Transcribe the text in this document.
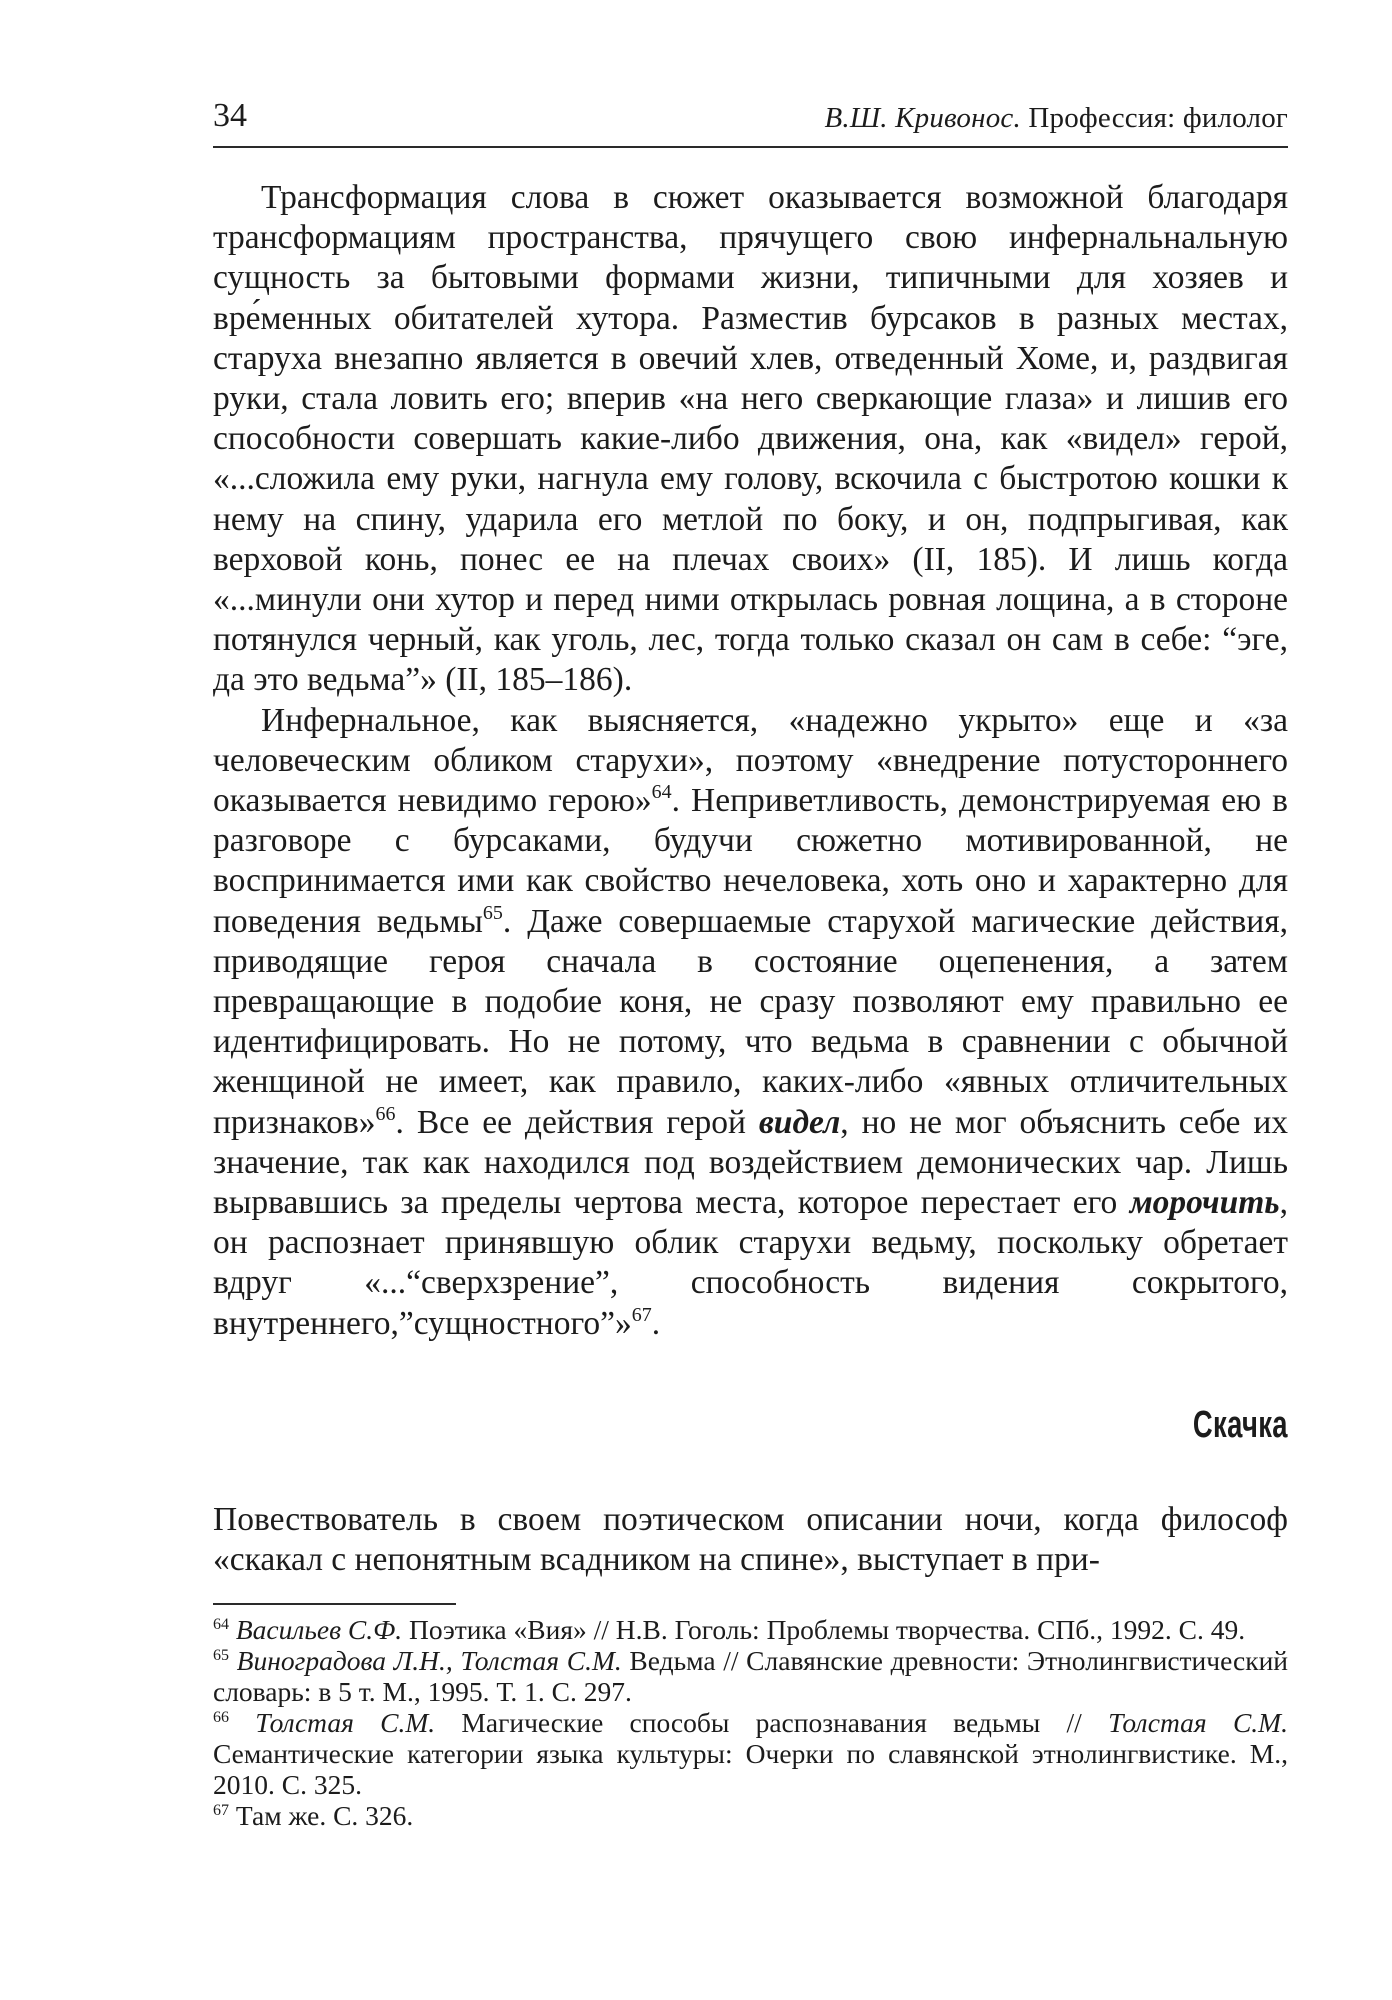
34	В.Ш. Кривонос. Профессия: филолог

Трансформация слова в сюжет оказывается возможной благодаря трансформациям пространства, прячущего свою инфернальнальную сущность за бытовыми формами жизни, типичными для хозяев и вре́менных обитателей хутора. Разместив бурсаков в разных местах, старуха внезапно является в овечий хлев, отведенный Хоме, и, раздвигая руки, стала ловить его; вперив «на него сверкающие глаза» и лишив его способности совершать какие-либо движения, она, как «видел» герой, «...сложила ему руки, нагнула ему голову, вскочила с быстротою кошки к нему на спину, ударила его метлой по боку, и он, подпрыгивая, как верховой конь, понес ее на плечах своих» (II, 185). И лишь когда «...минули они хутор и перед ними открылась ровная лощина, а в стороне потянулся черный, как уголь, лес, тогда только сказал он сам в себе: “эге, да это ведьма”» (II, 185–186).

Инфернальное, как выясняется, «надежно укрыто» еще и «за человеческим обликом старухи», поэтому «внедрение потустороннего оказывается невидимо герою»$^{64}$. Неприветливость, демонстрируемая ею в разговоре с бурсаками, будучи сюжетно мотивированной, не воспринимается ими как свойство нечеловека, хоть оно и характерно для поведения ведьмы$^{65}$. Даже совершаемые старухой магические действия, приводящие героя сначала в состояние оцепенения, а затем превращающие в подобие коня, не сразу позволяют ему правильно ее идентифицировать. Но не потому, что ведьма в сравнении с обычной женщиной не имеет, как правило, каких-либо «явных отличительных признаков»$^{66}$. Все ее действия герой видел, но не мог объяснить себе их значение, так как находился под воздействием демонических чар. Лишь вырвавшись за пределы чертова места, которое перестает его морочить, он распознает принявшую облик старухи ведьму, поскольку обретает вдруг «...“сверхзрение”, способность видения сокрытого, внутреннего,”сущностного”»$^{67}$.

Скачка

Повествователь в своем поэтическом описании ночи, когда философ «скакал с непонятным всадником на спине», выступает в при-

$^{64}$ Васильев С.Ф. Поэтика «Вия» // Н.В. Гоголь: Проблемы творчества. СПб., 1992. С. 49.

$^{65}$ Виноградова Л.Н., Толстая С.М. Ведьма // Славянские древности: Этнолингвистический словарь: в 5 т. М., 1995. Т. 1. С. 297.

$^{66}$ Толстая С.М. Магические способы распознавания ведьмы // Толстая С.М. Семантические категории языка культуры: Очерки по славянской этнолингвистике. М., 2010. С. 325.

$^{67}$ Там же. С. 326.
